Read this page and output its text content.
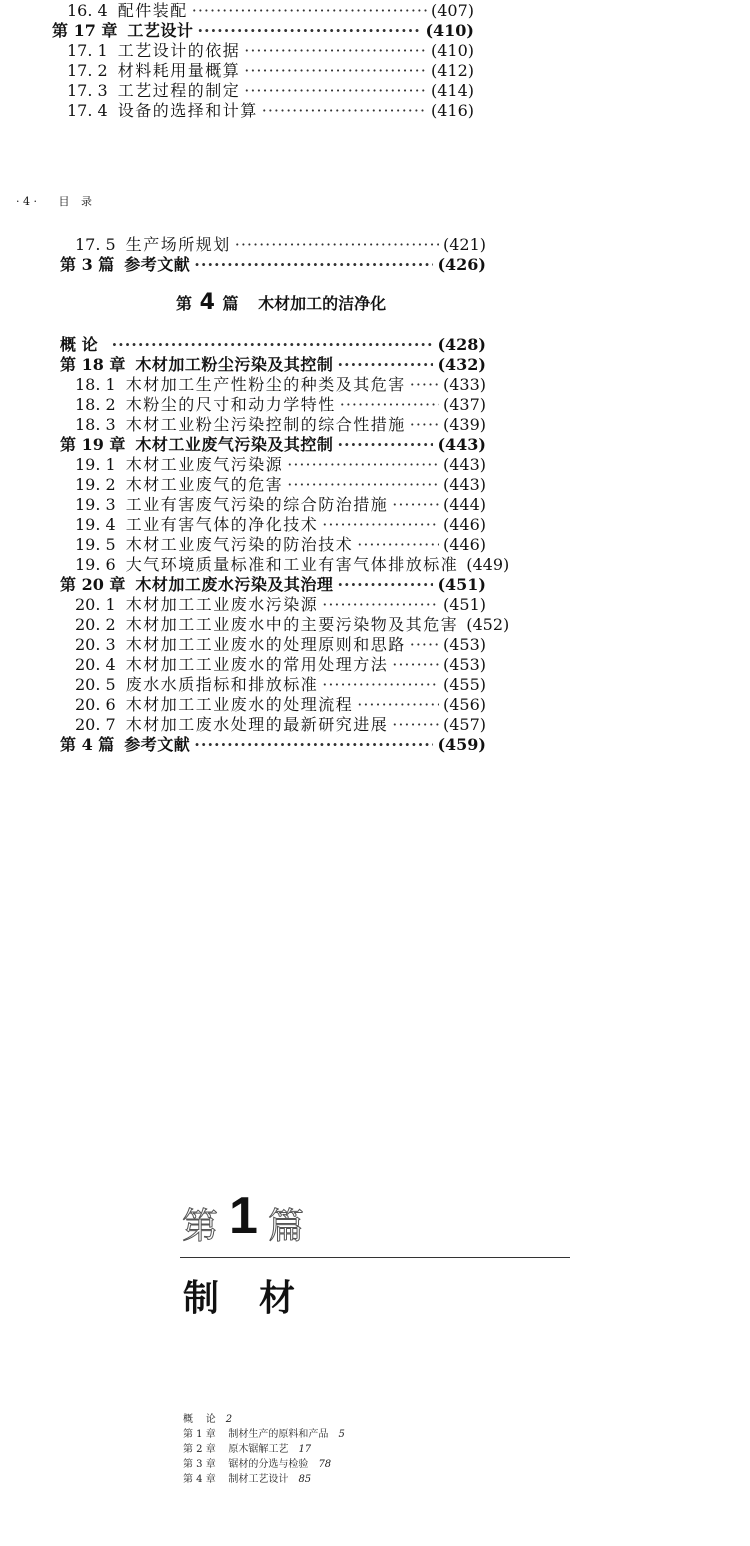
16. 4 配件装配 ·····	(407)
第 17 章 工艺设计 ·····	(410)
17. 1 工艺设计的依据 ·····	(410)
17. 2 材料耗用量概算 ·····	(412)
17. 3 工艺过程的制定 ·····	(414)
17. 4 设备的选择和计算 ·····	(416)
· 4 · 目 录
17. 5 生产场所规划 ·····	(421)
第 3 篇 参考文献 ·····	(426)
第 4 篇 木材加工的洁净化
概 论 ·····	(428)
第 18 章 木材加工粉尘污染及其控制 ·····	(432)
18. 1 木材加工生产性粉尘的种类及其危害 ····· (433)
18. 2 木粉尘的尺寸和动力学特性 ·····	(437)
18. 3 木材工业粉尘污染控制的综合性措施 ····· (439)
第 19 章 木材工业废气污染及其控制 ·····	(443)
19. 1 木材工业废气污染源 ·····	(443)
19. 2 木材工业废气的危害 ·····	(443)
19. 3 工业有害废气污染的综合防治措施 ·····	(444)
19. 4 工业有害气体的净化技术 ·····	(446)
19. 5 木材工业废气污染的防治技术 ·····	(446)
19. 6 大气环境质量标准和工业有害气体排放标准 (449)
第 20 章 木材加工废水污染及其治理 ·····	(451)
20. 1 木材加工工业废水污染源 ·····	(451)
20. 2 木材加工工业废水中的主要污染物及其危害 (452)
20. 3 木材加工工业废水的处理原则和思路 ····· (453)
20. 4 木材加工工业废水的常用处理方法 ·····	(453)
20. 5 废水水质指标和排放标准 ·····	(455)
20. 6 木材加工工业废水的处理流程 ·····	(456)
20. 7 木材加工废水处理的最新研究进展 ·····	(457)
第 4 篇 参考文献 ·····	(459)
第 1 篇
制    材
概    论 2
第 1 章    制材生产的原料和产品 5
第 2 章    原木锯解工艺 17
第 3 章    锯材的分选与检验 78
第 4 章    制材工艺设计 85
